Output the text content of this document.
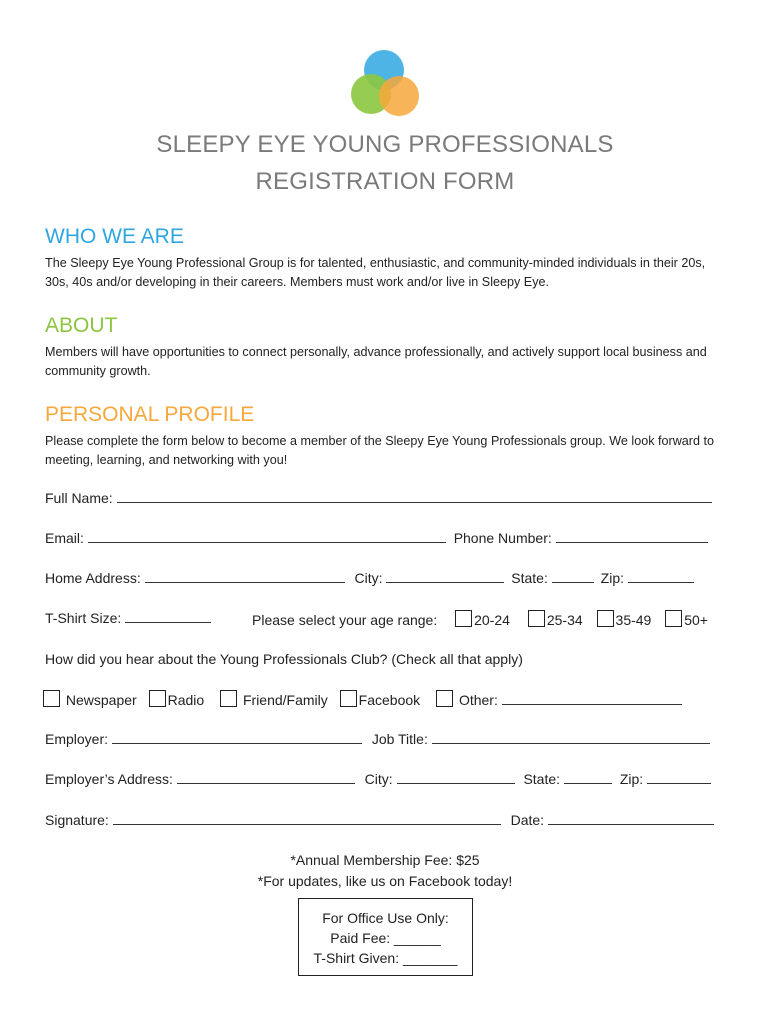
SLEEPY EYE YOUNG PROFESSIONALS
REGISTRATION FORM
WHO WE ARE
The Sleepy Eye Young Professional Group is for talented, enthusiastic, and community-minded individuals in their 20s, 30s, 40s and/or developing in their careers. Members must work and/or live in Sleepy Eye.
ABOUT
Members will have opportunities to connect personally, advance professionally, and actively support local business and community growth.
PERSONAL PROFILE
Please complete the form below to become a member of the Sleepy Eye Young Professionals group. We look forward to meeting, learning, and networking with you!
Full Name:
Email:	Phone Number:
Home Address:	City:	State:	Zip:
T-Shirt Size:	Please select your age range:	20-24	25-34 35-49 50+
How did you hear about the Young Professionals Club? (Check all that apply)
Newspaper Radio	Friend/Family Facebook	Other:
Employer:	Job Title:
Employer’s Address:	City:	State:	Zip:
Signature:	Date:
*Annual Membership Fee: $25
*For updates, like us on Facebook today!
For Office Use Only:
Paid Fee: ______
T-Shirt Given: _______
